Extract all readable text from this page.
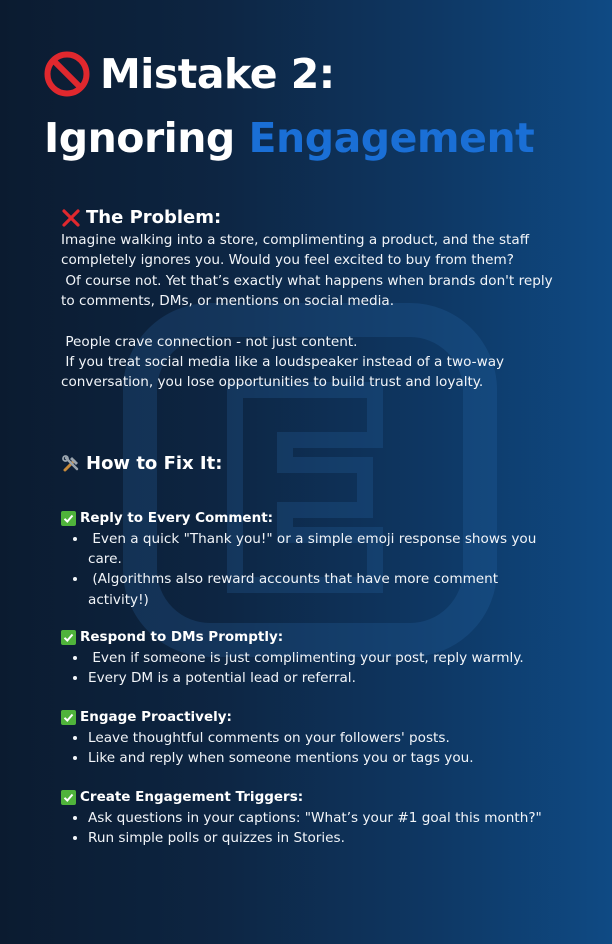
Mistake 2:
Ignoring Engagement
The Problem:

Imagine walking into a store, complimenting a product, and the staff completely ignores you. Would you feel excited to buy from them?

Of course not. Yet that’s exactly what happens when brands don't reply to comments, DMs, or mentions on social media.

People crave connection - not just content.

If you treat social media like a loudspeaker instead of a two-way conversation, you lose opportunities to build trust and loyalty.

How to Fix It:
Reply to Every Comment:
•  Even a quick "Thank you!" or a simple emoji response shows you care.
•  (Algorithms also reward accounts that have more comment activity!)
Respond to DMs Promptly:
•  Even if someone is just complimenting your post, reply warmly.
• Every DM is a potential lead or referral.
Engage Proactively:
• Leave thoughtful comments on your followers' posts.
• Like and reply when someone mentions you or tags you.
Create Engagement Triggers:
• Ask questions in your captions: "What’s your #1 goal this month?"
• Run simple polls or quizzes in Stories.
